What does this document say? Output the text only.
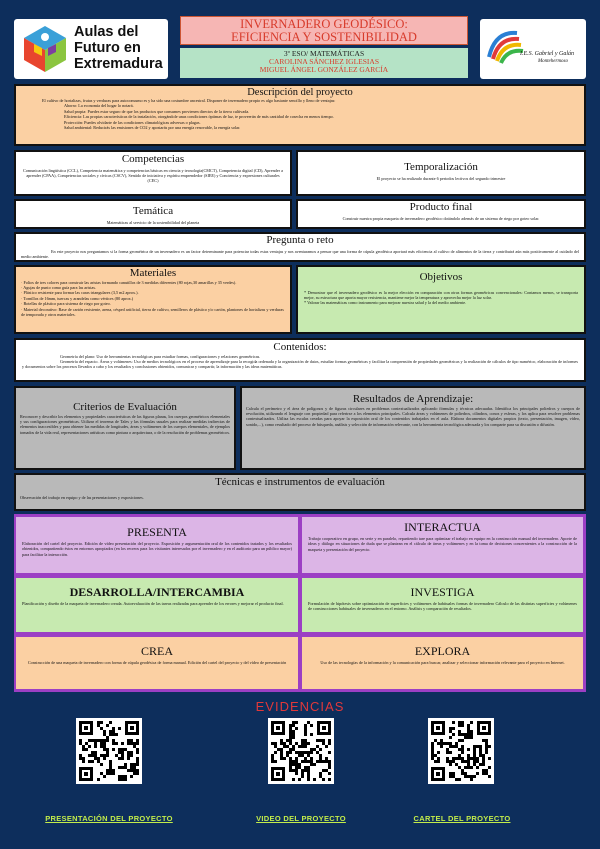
Aulas del
Futuro en
Extremadura
INVERNADERO GEODÉSICO:
EFICIENCIA Y SOSTENIBILIDAD
3º ESO/ MATEMÁTICAS
CAROLINA SÁNCHEZ IGLESIAS
MIGUEL ÁNGEL GONZÁLEZ GARCÍA
I.E.S. Gabriel y Galán
Montehermoso
Descripción del proyecto
El cultivo de hortalizas, frutas y verduras para autoconsumo es y ha sido una costumbre ancestral. Disponer de invernadero propio es algo bastante sencillo y lleno de ventajas:
Ahorro: La economía del hogar lo notará.
Salud propia: Puedes estar seguro de que los productos que consumes provienen directos de la tierra cultivada.
Eficiencia: Las propias características de la instalación, otorgándole unas condiciones óptimas de luz, te proveerán de más cantidad de cosecha en menos tiempo.
Protección: Puedes olvidarte de las condiciones climatológicas adversas o plagas.
Salud ambiental: Reducirás las emisiones de CO2 y apostarás por una energía renovable, la energía solar.
Competencias
Comunicación lingüística (CCL), Competencia matemática y competencias básicas en ciencia y tecnología(CMCT), Competencia digital (CD), Aprender a aprender (CPAA), Competencias sociales y cívicas (CSCV), Sentido de iniciativa y espíritu emprendedor (SIEE) y Conciencia y expresiones culturales (CEC)
Temporalización
El proyecto se ha realizado durante 6 periodos lectivos del segundo trimestre
Temática
Matemáticas al servicio de la sostenibilidad del planeta
Producto final
Construir nuestra propia maqueta de invernadero geodésico dotándolo además de un sistema de riego por goteo solar.
Pregunta o reto
En este proyecto nos preguntamos si la forma geométrica de un invernadero es un factor determinante para potenciar todas estas ventajas y nos aventuramos a pensar que una forma de cúpula geodésica aportará más eficiencia al cultivo de alimentos de la tierra y contribuirá aún más positivamente al cuidado del medio ambiente.
Materiales
· Folios de tres colores para construir las aristas formando canutillos de 3 medidas diferentes (80 rojas,30 amarillas y 35 verdes).
· Agujas de punto como guía para las aristas.
· Plástico resistente para formar las caras triangulares (3,5 m2 aprox.).
· Tornillos de 16mm, tuercas y arandelas como vértices (80 aprox.)
· Botellas de plástico para sistema de riego por goteo.
· Material decorativo: Base de cartón resistente, arena, césped artificial, tierra de cultivo, semilleros de plástico y/o cartón, plantones de hortalizas y verduras de temporada y otros materiales.
Objetivos
* Demostrar que el invernadero geodésico es la mejor elección en comparación con otras formas geométricas convencionales: Contamos menos, se transporta mejor, su estructura que aporta mayor resistencia, mantiene mejor la temperatura y aprovecha mejor la luz solar.
* Valorar las matemáticas como instrumento para mejorar nuestra salud y la del medio ambiente.
Contenidos:
Geometría del plano: Uso de herramientas tecnológicas para estudiar formas, configuraciones y relaciones geométricas.
Geometría del espacio. Áreas y volúmenes: Uso de medios tecnológicos en el proceso de aprendizaje para la recogida ordenada y la organización de datos, estudiar formas geométricas y facilitar la comprensión de propiedades geométricas y la realización de cálculos de tipo numérico, elaboración de informes y documentos sobre los procesos llevados a cabo y los resultados y conclusiones obtenidos, comunicar y compartir, la información y las ideas matemáticas.
Criterios de Evaluación
Reconocer y describir los elementos y propiedades características de las figuras planas, los cuerpos geométricos elementales y sus configuraciones geométricas. Utilizar el teorema de Tales y las fórmulas usuales para realizar medidas indirectas de elementos inaccesibles y para obtener las medidas de longitudes, áreas y volúmenes de los cuerpos elementales, de ejemplos tomados de la vida real, representaciones artísticas como pintura o arquitectura, o de la resolución de problemas geométricos.
Resultados de Aprendizaje:
Calcula el perímetro y el área de polígonos y de figuras circulares en problemas contextualizados aplicando fórmulas y técnicas adecuadas. Identifica los principales poliedros y cuerpos de revolución, utilizando el lenguaje con propiedad para referirse a los elementos principales. Calcula áreas y volúmenes de poliedros, cilindros, conos y esferas, y los aplica para resolver problemas contextualizados. Utiliza las escalas creadas para apoyar la exposición oral de los contenidos trabajados en el aula. Elabora documentos digitales propios (texto, presentación, imagen, vídeo, sonido,...), como resultado del proceso de búsqueda, análisis y selección de información relevante, con la herramienta tecnológica adecuada y los comparte para su discusión o difusión.
Técnicas e instrumentos de evaluación
Observación del trabajo en equipo y de las presentaciones y exposiciones.
PRESENTA
Elaboración del cartel del proyecto. Edición de vídeo presentación del proyecto. Exposición y argumentación oral de los contenidos tratados y los resultados obtenidos, compartiendo éstos en entornos apropiados (en los recreos para los visitantes interesados por el invernadero y en el auditorio para un público mayor) para facilitar la interacción.
INTERACTUA
Trabajo cooperativo en grupo, en serie y en paralelo, repartiendo tare para optimizar el trabajo en equipo en la construcción manual del invernadero. Aporte de ideas y diálogo en situaciones de duda que se plantean en el cálculo de áreas y volúmenes y en la toma de decisiones concernientes a la construcción de la maqueta y presentación del proyecto.
DESARROLLA/INTERCAMBIA
Planificación y diseño de la maqueta de invernadero creada. Autoevaluación de las tareas realizadas para aprender de los errores y mejorar el producto final.
INVESTIGA
Formulación de hipótesis sobre optimización de superficies y volúmenes de habituales formas de invernadero Cálculo de las distintas superficies y volúmenes de construcciones habituales de invernaderos en el entorno. Análisis y comparación de resultados.
CREA
Construcción de una maqueta de invernadero con forma de cúpula geodésica de forma manual. Edición del cartel del proyecto y del vídeo de presentación
EXPLORA
Uso de las tecnologías de la información y la comunicación para buscar, analizar y seleccionar información relevante para el proyecto en Internet.
EVIDENCIAS
PRESENTACIÓN DEL PROYECTO	VIDEO DEL PROYECTO	CARTEL DEL PROYECTO
